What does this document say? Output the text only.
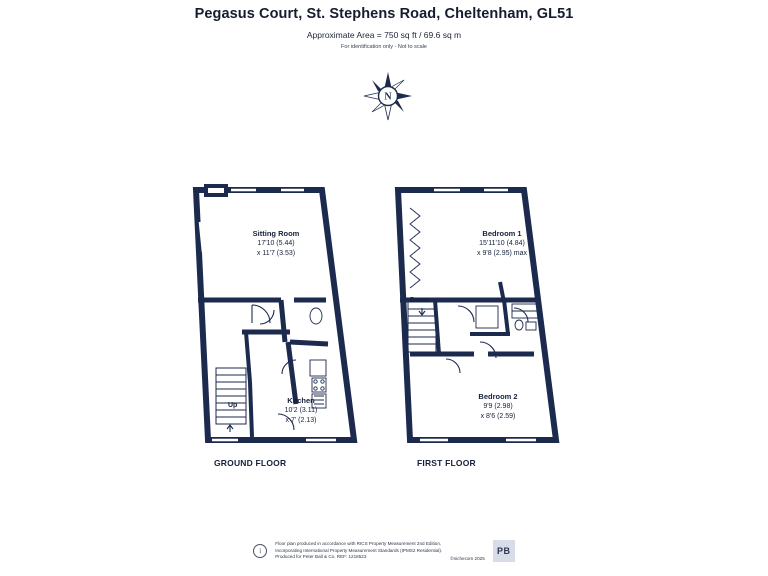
Pegasus Court, St. Stephens Road, Cheltenham, GL51
Approximate Area = 750 sq ft / 69.6 sq m
For identification only - Not to scale
N
Sitting Room
17'10 (5.44)
x 11'7 (3.53)
Kitchen
10'2 (3.11)
x 7' (2.13)
Up
GROUND FLOOR
Bedroom 1
15'11'10 (4.84)
x 9'8 (2.95) max
Bedroom 2
9'9 (2.98)
x 8'6 (2.59)
Down
FIRST FLOOR
i
Floor plan produced in accordance with RICS Property Measurement 2nd Edition,
Incorporating International Property Measurement Standards (IPMS2 Residential).
Produced for Peter Ball & Co. REF: 1218523	©nichecom 2025
PB
